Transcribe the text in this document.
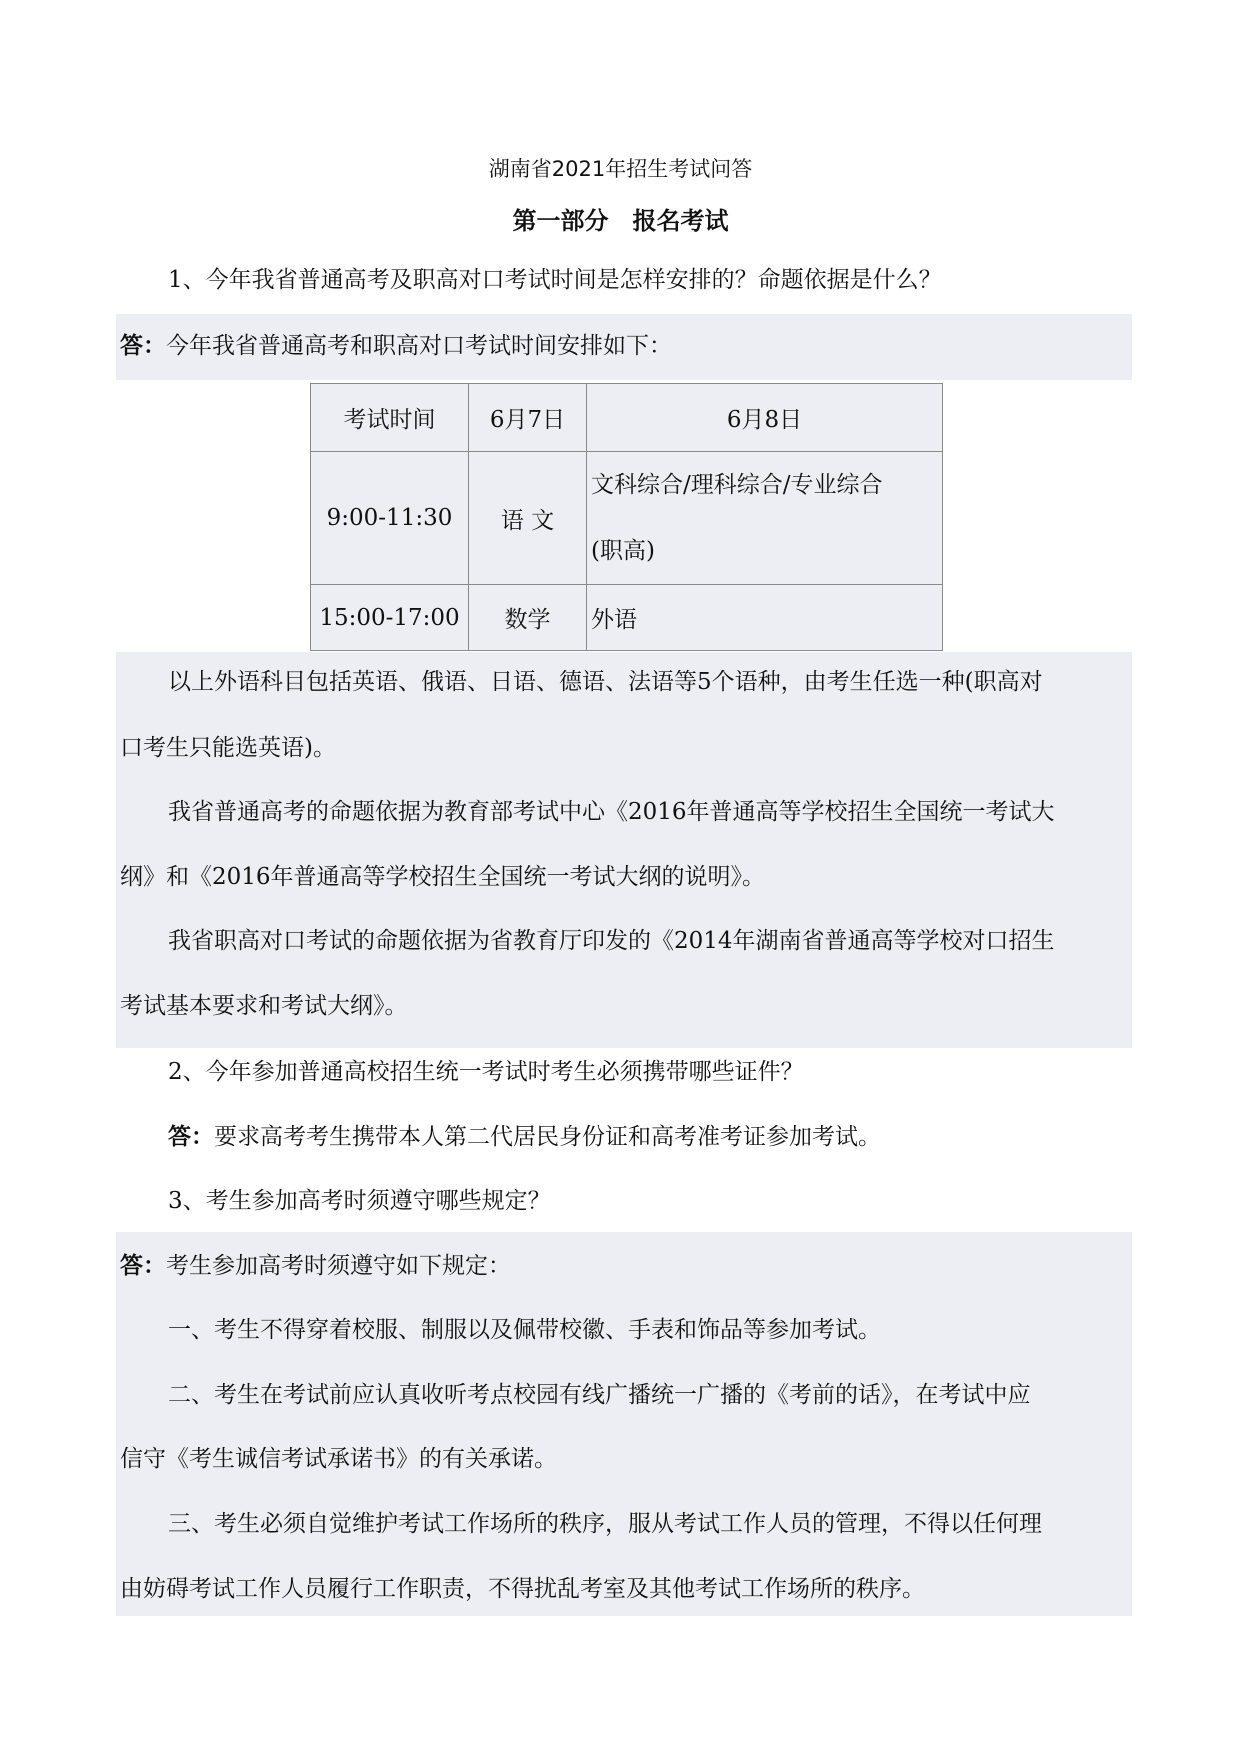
湖南省2021年招生考试问答
第一部分　报名考试
1、今年我省普通高考及职高对口考试时间是怎样安排的？命题依据是什么？
答：今年我省普通高考和职高对口考试时间安排如下：
考试时间	6月7日	6月8日
9:00-11:30	语 文	文科综合/理科综合/专业综合
(职高)

15:00-17:00	数学	外语
以上外语科目包括英语、俄语、日语、德语、法语等5个语种，由考生任选一种(职高对
口考生只能选英语)。
我省普通高考的命题依据为教育部考试中心《2016年普通高等学校招生全国统一考试大
纲》和《2016年普通高等学校招生全国统一考试大纲的说明》。
我省职高对口考试的命题依据为省教育厅印发的《2014年湖南省普通高等学校对口招生
考试基本要求和考试大纲》。
2、今年参加普通高校招生统一考试时考生必须携带哪些证件？
答：要求高考考生携带本人第二代居民身份证和高考准考证参加考试。
3、考生参加高考时须遵守哪些规定？
答：考生参加高考时须遵守如下规定：
一、考生不得穿着校服、制服以及佩带校徽、手表和饰品等参加考试。
二、考生在考试前应认真收听考点校园有线广播统一广播的《考前的话》，在考试中应
信守《考生诚信考试承诺书》的有关承诺。
三、考生必须自觉维护考试工作场所的秩序，服从考试工作人员的管理，不得以任何理
由妨碍考试工作人员履行工作职责，不得扰乱考室及其他考试工作场所的秩序。
